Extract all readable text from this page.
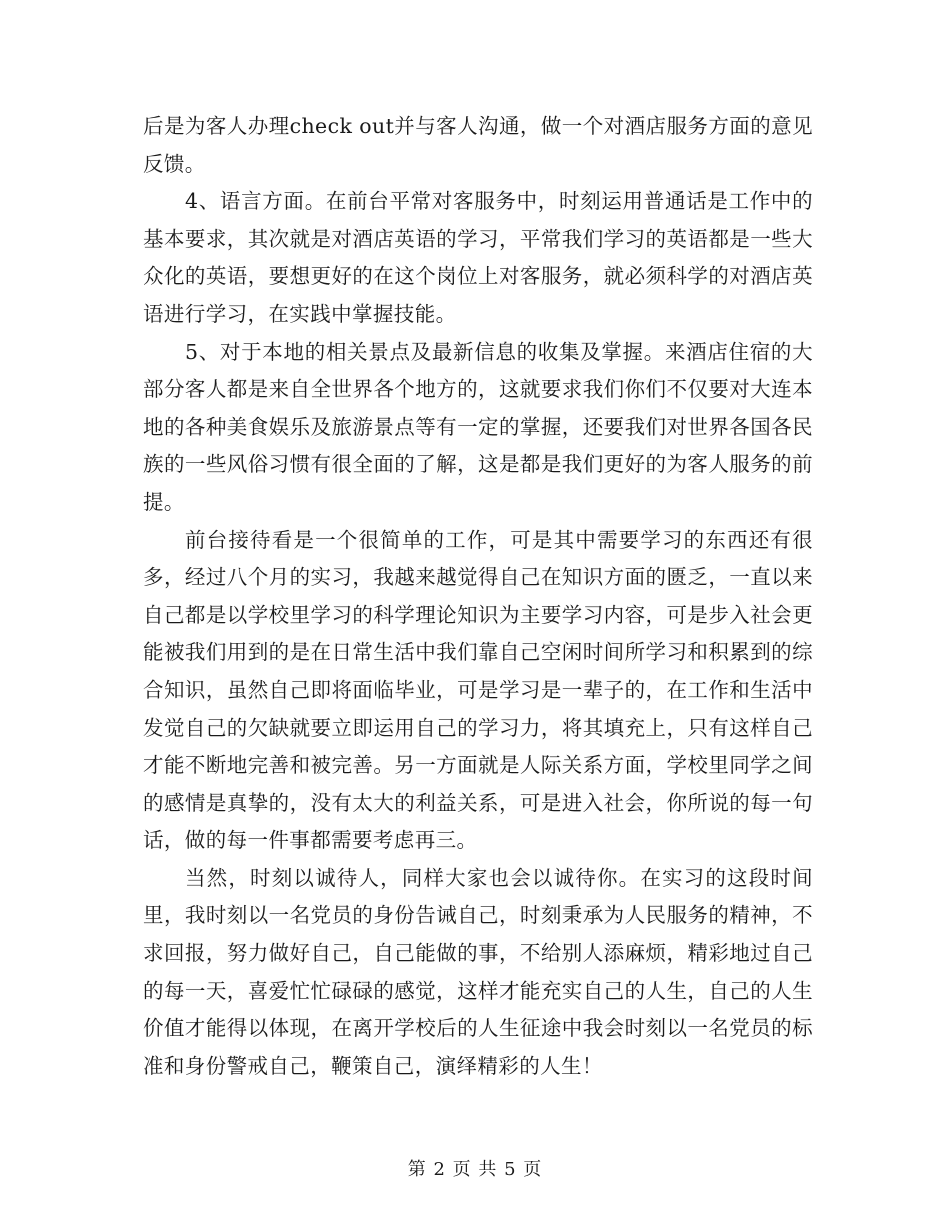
后是为客人办理check out并与客人沟通，做一个对酒店服务方面的意见反馈。

4、语言方面。在前台平常对客服务中，时刻运用普通话是工作中的基本要求，其次就是对酒店英语的学习，平常我们学习的英语都是一些大众化的英语，要想更好的在这个岗位上对客服务，就必须科学的对酒店英语进行学习，在实践中掌握技能。

5、对于本地的相关景点及最新信息的收集及掌握。来酒店住宿的大部分客人都是来自全世界各个地方的，这就要求我们你们不仅要对大连本地的各种美食娱乐及旅游景点等有一定的掌握，还要我们对世界各国各民族的一些风俗习惯有很全面的了解，这是都是我们更好的为客人服务的前提。

前台接待看是一个很简单的工作，可是其中需要学习的东西还有很多，经过八个月的实习，我越来越觉得自己在知识方面的匮乏，一直以来自己都是以学校里学习的科学理论知识为主要学习内容，可是步入社会更能被我们用到的是在日常生活中我们靠自己空闲时间所学习和积累到的综合知识，虽然自己即将面临毕业，可是学习是一辈子的，在工作和生活中发觉自己的欠缺就要立即运用自己的学习力，将其填充上，只有这样自己才能不断地完善和被完善。另一方面就是人际关系方面，学校里同学之间的感情是真挚的，没有太大的利益关系，可是进入社会，你所说的每一句话，做的每一件事都需要考虑再三。

当然，时刻以诚待人，同样大家也会以诚待你。在实习的这段时间里，我时刻以一名党员的身份告诫自己，时刻秉承为人民服务的精神，不求回报，努力做好自己，自己能做的事，不给别人添麻烦，精彩地过自己的每一天，喜爱忙忙碌碌的感觉，这样才能充实自己的人生，自己的人生价值才能得以体现，在离开学校后的人生征途中我会时刻以一名党员的标准和身份警戒自己，鞭策自己，演绎精彩的人生！

第 2 页 共 5 页
